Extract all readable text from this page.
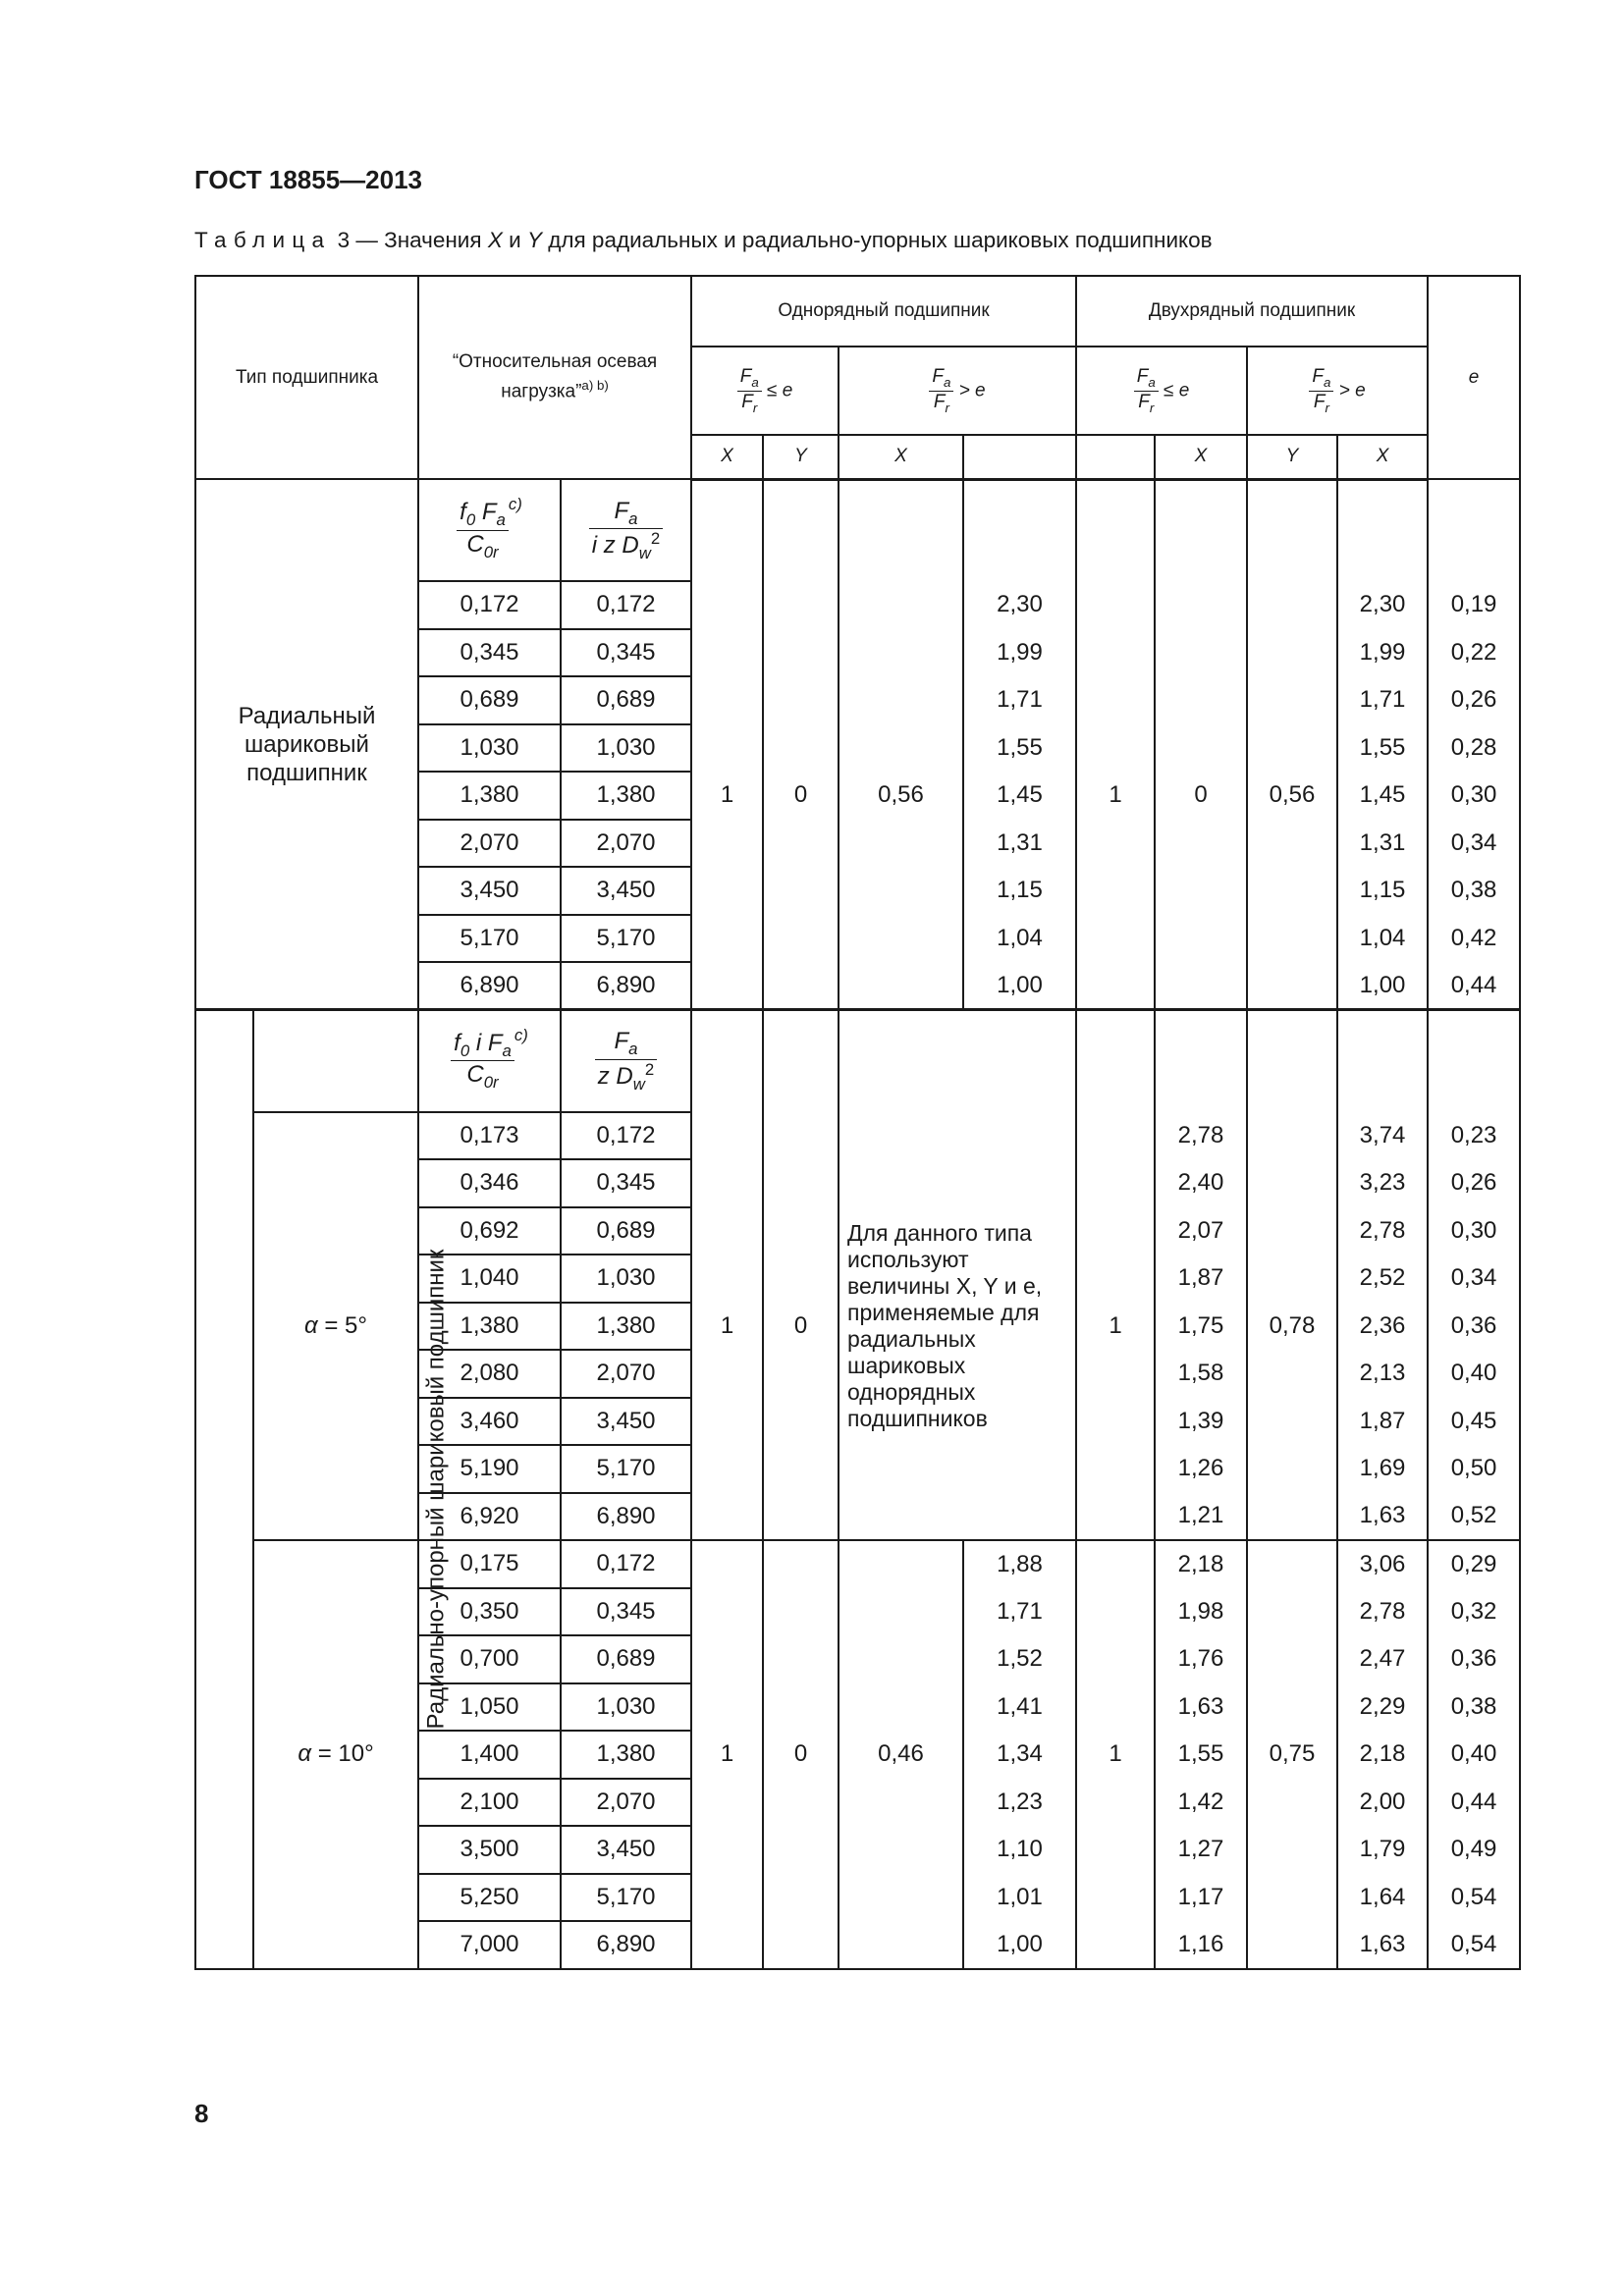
ГОСТ 18855—2013
Таблица 3 — Значения X и Y для радиальных и радиально-упорных шариковых подшипников
Тип подшипника		“Относительная осевая нагрузка”$^{а) b)}$		Однорядный подшипник				Двухрядный подшипник				e

				$\frac{F_a}{F_r} \le e$		$\frac{F_a}{F_r} > e$		$\frac{F_a}{F_r} \le e$		$\frac{F_a}{F_r} > e$		
				X	Y	X			X	Y	X	
Радиальный шариковый подшипник		$\frac{f_0 F_a}{C_{0r}} ^{c)}$	$\frac{F_a}{i z D_w^2}$	1	0	0,56		1	0	0,56		
		0,172	0,172				2,30				2,30	0,19
		0,345	0,345				1,99				1,99	0,22
		0,689	0,689				1,71				1,71	0,26
		1,030	1,030				1,55				1,55	0,28
		1,380	1,380				1,45				1,45	0,30
		2,070	2,070				1,31				1,31	0,34
		3,450	3,450				1,15				1,15	0,38
		5,170	5,170				1,04				1,04	0,42
		6,890	6,890				1,00				1,00	0,44
Радиально-упорный шариковый подшипник		$\frac{f_0 i F_a}{C_{0r}} ^{c)}$	$\frac{F_a}{z D_w^2}$	1	0	Для данного типа используют величины X, Y и e, применяемые для радиальных шариковых однорядных подшипников		1		0,78		
	α = 5°	0,173	0,172						2,78		3,74	0,23
		0,346	0,345						2,40		3,23	0,26
		0,692	0,689						2,07		2,78	0,30
		1,040	1,030						1,87		2,52	0,34
		1,380	1,380						1,75		2,36	0,36
		2,080	2,070						1,58		2,13	0,40
		3,460	3,450						1,39		1,87	0,45
		5,190	5,170						1,26		1,69	0,50
		6,920	6,890						1,21		1,63	0,52
	α = 10°	0,175	0,172	1	0	0,46	1,88	1	2,18	0,75	3,06	0,29
		0,350	0,345				1,71		1,98		2,78	0,32
		0,700	0,689				1,52		1,76		2,47	0,36
		1,050	1,030				1,41		1,63		2,29	0,38
		1,400	1,380				1,34		1,55		2,18	0,40
		2,100	2,070				1,23		1,42		2,00	0,44
		3,500	3,450				1,10		1,27		1,79	0,49
		5,250	5,170				1,01		1,17		1,64	0,54
		7,000	6,890				1,00		1,16		1,63	0,54
8
